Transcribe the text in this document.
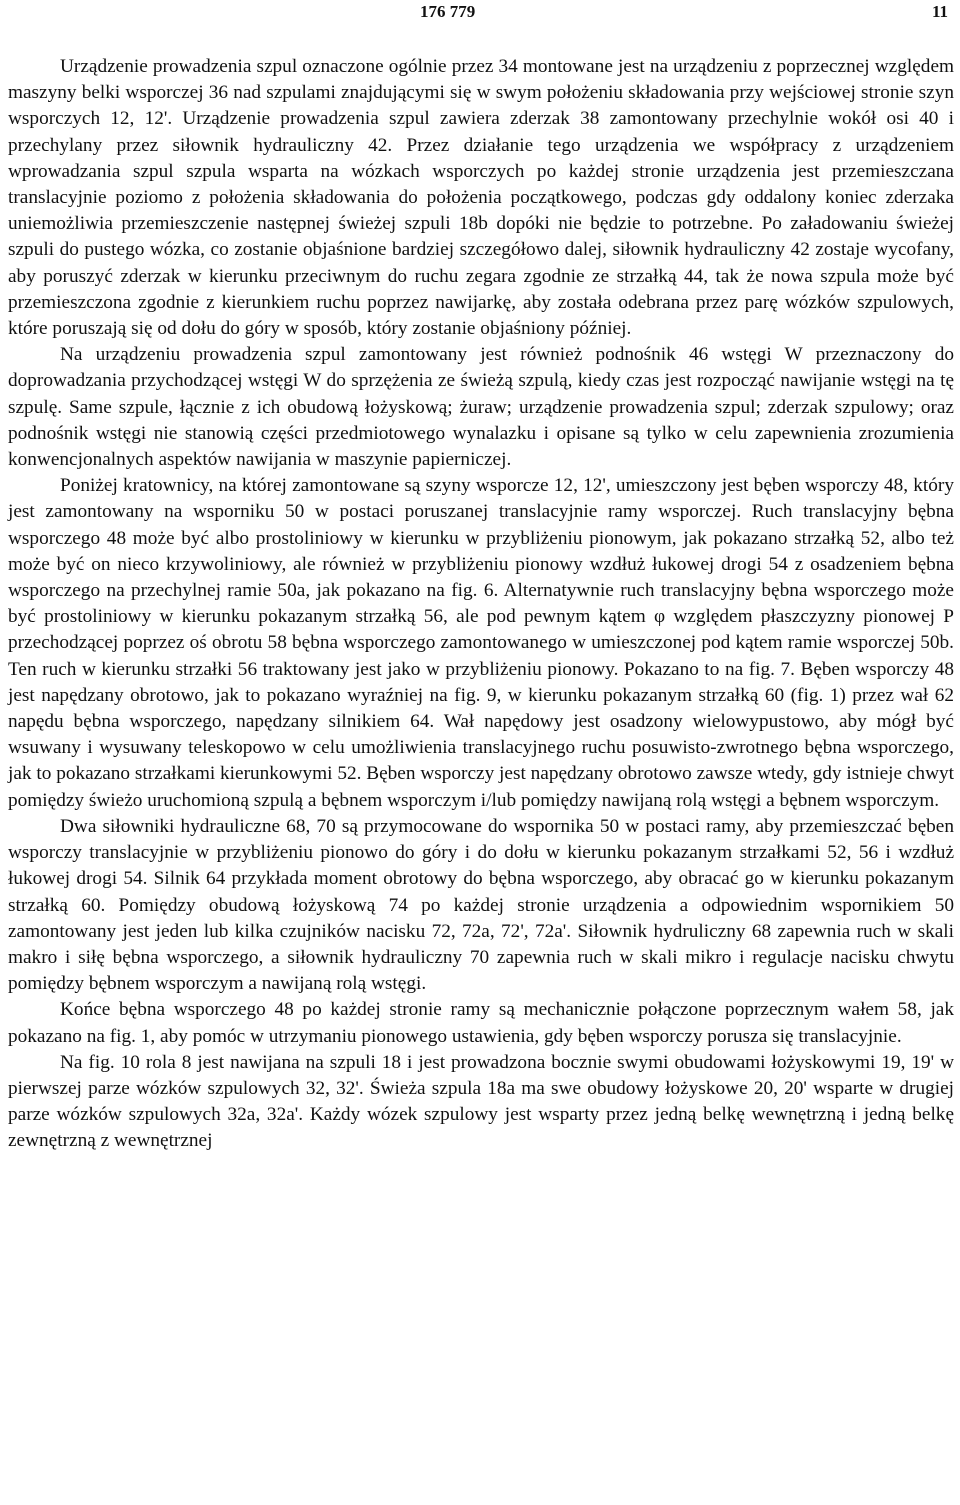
176 779	11

Urządzenie prowadzenia szpul oznaczone ogólnie przez 34 montowane jest na urządzeniu z poprzecznej względem maszyny belki wsporczej 36 nad szpulami znajdującymi się w swym położeniu składowania przy wejściowej stronie szyn wsporczych 12, 12'. Urządzenie prowadzenia szpul zawiera zderzak 38 zamontowany przechylnie wokół osi 40 i przechylany przez siłownik hydrauliczny 42. Przez działanie tego urządzenia we współpracy z urządzeniem wprowadzania szpul szpula wsparta na wózkach wsporczych po każdej stronie urządzenia jest przemieszczana translacyjnie poziomo z położenia składowania do położenia początkowego, podczas gdy oddalony koniec zderzaka uniemożliwia przemieszczenie następnej świeżej szpuli 18b dopóki nie będzie to potrzebne. Po załadowaniu świeżej szpuli do pustego wózka, co zostanie objaśnione bardziej szczegółowo dalej, siłownik hydrauliczny 42 zostaje wycofany, aby poruszyć zderzak w kierunku przeciwnym do ruchu zegara zgodnie ze strzałką 44, tak że nowa szpula może być przemieszczona zgodnie z kierunkiem ruchu poprzez nawijarkę, aby została odebrana przez parę wózków szpulowych, które poruszają się od dołu do góry w sposób, który zostanie objaśniony później.

Na urządzeniu prowadzenia szpul zamontowany jest również podnośnik 46 wstęgi W przeznaczony do doprowadzania przychodzącej wstęgi W do sprzężenia ze świeżą szpulą, kiedy czas jest rozpocząć nawijanie wstęgi na tę szpulę. Same szpule, łącznie z ich obudową łożyskową; żuraw; urządzenie prowadzenia szpul; zderzak szpulowy; oraz podnośnik wstęgi nie stanowią części przedmiotowego wynalazku i opisane są tylko w celu zapewnienia zrozumienia konwencjonalnych aspektów nawijania w maszynie papierniczej.

Poniżej kratownicy, na której zamontowane są szyny wsporcze 12, 12', umieszczony jest bęben wsporczy 48, który jest zamontowany na wsporniku 50 w postaci poruszanej translacyjnie ramy wsporczej. Ruch translacyjny bębna wsporczego 48 może być albo prostoliniowy w kierunku w przybliżeniu pionowym, jak pokazano strzałką 52, albo też może być on nieco krzywoliniowy, ale również w przybliżeniu pionowy wzdłuż łukowej drogi 54 z osadzeniem bębna wsporczego na przechylnej ramie 50a, jak pokazano na fig. 6. Alternatywnie ruch translacyjny bębna wsporczego może być prostoliniowy w kierunku pokazanym strzałką 56, ale pod pewnym kątem φ względem płaszczyzny pionowej P przechodzącej poprzez oś obrotu 58 bębna wsporczego zamontowanego w umieszczonej pod kątem ramie wsporczej 50b. Ten ruch w kierunku strzałki 56 traktowany jest jako w przybliżeniu pionowy. Pokazano to na fig. 7. Bęben wsporczy 48 jest napędzany obrotowo, jak to pokazano wyraźniej na fig. 9, w kierunku pokazanym strzałką 60 (fig. 1) przez wał 62 napędu bębna wsporczego, napędzany silnikiem 64. Wał napędowy jest osadzony wielowypustowo, aby mógł być wsuwany i wysuwany teleskopowo w celu umożliwienia translacyjnego ruchu posuwisto-zwrotnego bębna wsporczego, jak to pokazano strzałkami kierunkowymi 52. Bęben wsporczy jest napędzany obrotowo zawsze wtedy, gdy istnieje chwyt pomiędzy świeżo uruchomioną szpulą a bębnem wsporczym i/lub pomiędzy nawijaną rolą wstęgi a bębnem wsporczym.

Dwa siłowniki hydrauliczne 68, 70 są przymocowane do wspornika 50 w postaci ramy, aby przemieszczać bęben wsporczy translacyjnie w przybliżeniu pionowo do góry i do dołu w kierunku pokazanym strzałkami 52, 56 i wzdłuż łukowej drogi 54. Silnik 64 przykłada moment obrotowy do bębna wsporczego, aby obracać go w kierunku pokazanym strzałką 60. Pomiędzy obudową łożyskową 74 po każdej stronie urządzenia a odpowiednim wspornikiem 50 zamontowany jest jeden lub kilka czujników nacisku 72, 72a, 72', 72a'. Siłownik hydruliczny 68 zapewnia ruch w skali makro i siłę bębna wsporczego, a siłownik hydrauliczny 70 zapewnia ruch w skali mikro i regulacje nacisku chwytu pomiędzy bębnem wsporczym a nawijaną rolą wstęgi.

Końce bębna wsporczego 48 po każdej stronie ramy są mechanicznie połączone poprzecznym wałem 58, jak pokazano na fig. 1, aby pomóc w utrzymaniu pionowego ustawienia, gdy bęben wsporczy porusza się translacyjnie.

Na fig. 10 rola 8 jest nawijana na szpuli 18 i jest prowadzona bocznie swymi obudowami łożyskowymi 19, 19' w pierwszej parze wózków szpulowych 32, 32'. Świeża szpula 18a ma swe obudowy łożyskowe 20, 20' wsparte w drugiej parze wózków szpulowych 32a, 32a'. Każdy wózek szpulowy jest wsparty przez jedną belkę wewnętrzną i jedną belkę zewnętrzną z wewnętrznej
